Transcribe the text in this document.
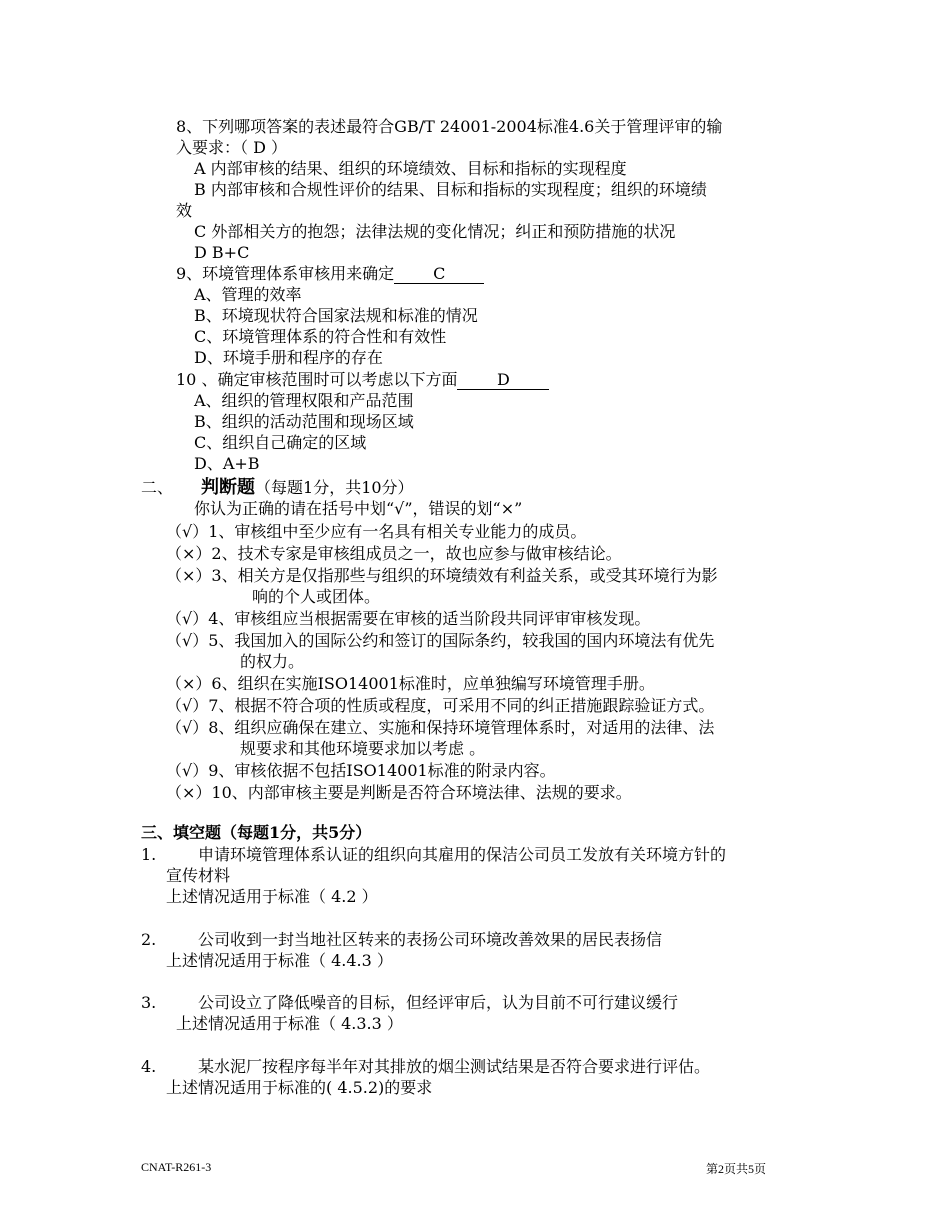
8、下列哪项答案的表述最符合GB/T 24001-2004标准4.6关于管理评审的输
入要求：（ D ）
A 内部审核的结果、组织的环境绩效、目标和指标的实现程度
B 内部审核和合规性评价的结果、目标和指标的实现程度；组织的环境绩
效
C 外部相关方的抱怨；法律法规的变化情况；纠正和预防措施的状况
D B+C
9、环境管理体系审核用来确定 C
A、管理的效率
B、环境现状符合国家法规和标准的情况
C、环境管理体系的符合性和有效性
D、环境手册和程序的存在
10 、确定审核范围时可以考虑以下方面 D
A、组织的管理权限和产品范围
B、组织的活动范围和现场区域
C、组织自己确定的区域
D、A+B
二、 判断题（每题1分，共10分）
你认为正确的请在括号中划“√”，错误的划“×”
（√）1、审核组中至少应有一名具有相关专业能力的成员。
（×）2、技术专家是审核组成员之一，故也应参与做审核结论。
（×）3、相关方是仅指那些与组织的环境绩效有利益关系，或受其环境行为影
响的个人或团体。
（√）4、审核组应当根据需要在审核的适当阶段共同评审审核发现。
（√）5、我国加入的国际公约和签订的国际条约，较我国的国内环境法有优先
的权力。
（×）6、组织在实施ISO14001标准时，应单独编写环境管理手册。
（√）7、根据不符合项的性质或程度，可采用不同的纠正措施跟踪验证方式。
（√）8、组织应确保在建立、实施和保持环境管理体系时，对适用的法律、法
规要求和其他环境要求加以考虑 。
（√）9、审核依据不包括ISO14001标准的附录内容。
（×）10、内部审核主要是判断是否符合环境法律、法规的要求。
三、填空题（每题1分，共5分）
1.	申请环境管理体系认证的组织向其雇用的保洁公司员工发放有关环境方针的
宣传材料
上述情况适用于标准（ 4.2 ）
2.	公司收到一封当地社区转来的表扬公司环境改善效果的居民表扬信
上述情况适用于标准（ 4.4.3 ）
3.	公司设立了降低噪音的目标，但经评审后，认为目前不可行建议缓行
上述情况适用于标准（ 4.3.3 ）
4.	某水泥厂按程序每半年对其排放的烟尘测试结果是否符合要求进行评估。
上述情况适用于标准的( 4.5.2)的要求
CNAT-R261-3	第2页共5页
